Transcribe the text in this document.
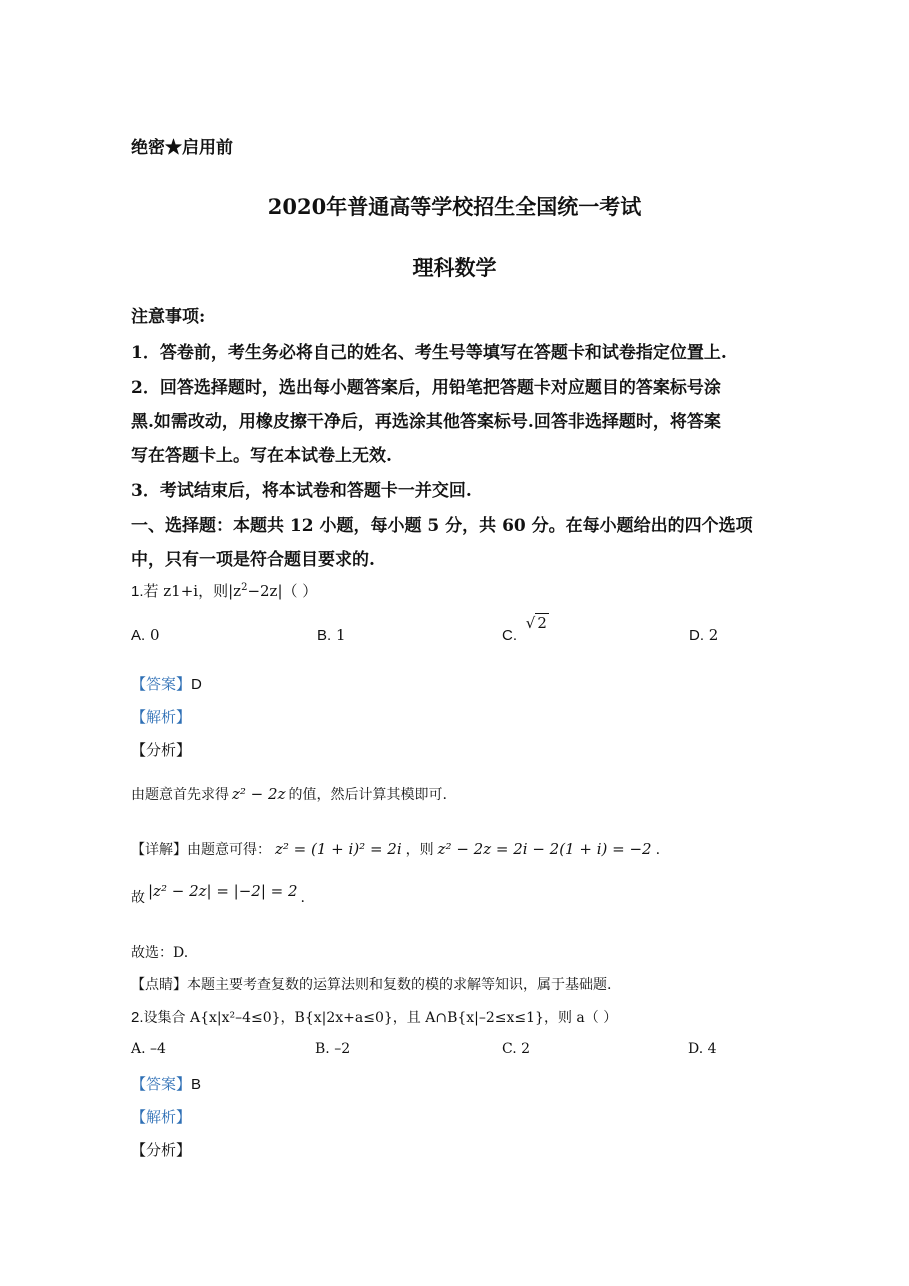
绝密★启用前
2020年普通高等学校招生全国统一考试
理科数学
注意事项:
1．答卷前，考生务必将自己的姓名、考生号等填写在答题卡和试卷指定位置上.
2．回答选择题时，选出每小题答案后，用铅笔把答题卡对应题目的答案标号涂
黑.如需改动，用橡皮擦干净后，再选涂其他答案标号.回答非选择题时，将答案
写在答题卡上。写在本试卷上无效.
3．考试结束后，将本试卷和答题卡一并交回.
一、选择题：本题共 12 小题，每小题 5 分，共 60 分。在每小题给出的四个选项
中，只有一项是符合题目要求的.
1.若 z1+i，则$|z^2-2z|$（ ）
A. 0	B. 1	C. √ 2
D. 2
【答案】D
【解析】
【分析】
由题意首先求得 z² − 2z 的值，然后计算其模即可.
【详解】由题意可得： z² = (1 + i)² = 2i ，则 z² − 2z = 2i − 2(1 + i) = −2 .
故 |z² − 2z| = |−2| = 2 .
故选：D.
【点睛】本题主要考查复数的运算法则和复数的模的求解等知识，属于基础题.
2.设集合 A{x|x²–4≤0}，B{x|2x+a≤0}，且 A∩B{x|–2≤x≤1}，则 a（ ）
A. –4	B. –2	C. 2	D. 4
【答案】B
【解析】
【分析】
